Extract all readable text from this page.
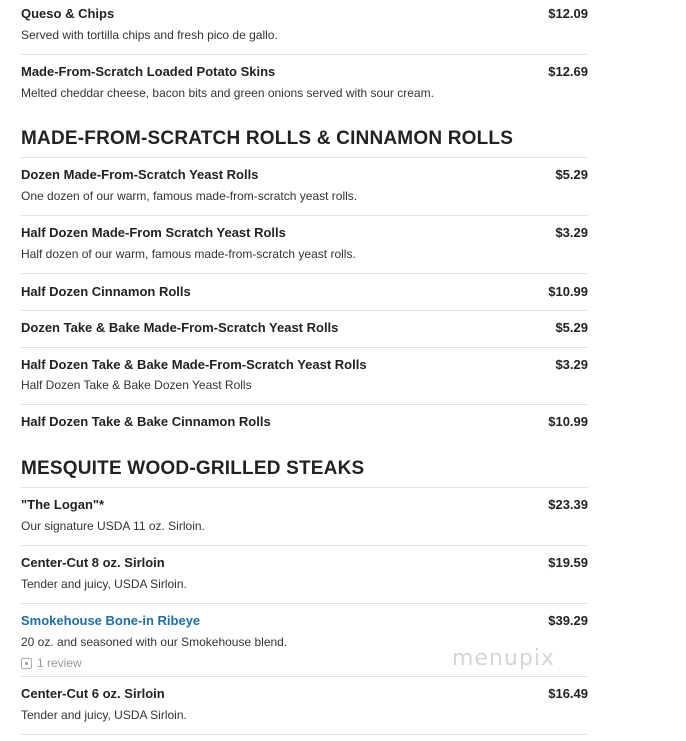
Queso & Chips	$12.09
Served with tortilla chips and fresh pico de gallo.
Made-From-Scratch Loaded Potato Skins	$12.69
Melted cheddar cheese, bacon bits and green onions served with sour cream.
MADE-FROM-SCRATCH ROLLS & CINNAMON ROLLS
Dozen Made-From-Scratch Yeast Rolls	$5.29
One dozen of our warm, famous made-from-scratch yeast rolls.
Half Dozen Made-From Scratch Yeast Rolls	$3.29
Half dozen of our warm, famous made-from-scratch yeast rolls.
Half Dozen Cinnamon Rolls	$10.99
Dozen Take & Bake Made-From-Scratch Yeast Rolls	$5.29
Half Dozen Take & Bake Made-From-Scratch Yeast Rolls	$3.29
Half Dozen Take & Bake Dozen Yeast Rolls
Half Dozen Take & Bake Cinnamon Rolls	$10.99
MESQUITE WOOD-GRILLED STEAKS
"The Logan"*	$23.39
Our signature USDA 11 oz. Sirloin.
Center-Cut 8 oz. Sirloin	$19.59
Tender and juicy, USDA Sirloin.
Smokehouse Bone-in Ribeye	$39.29
20 oz. and seasoned with our Smokehouse blend.
1 review
Center-Cut 6 oz. Sirloin	$16.49
Tender and juicy, USDA Sirloin.
menupix
